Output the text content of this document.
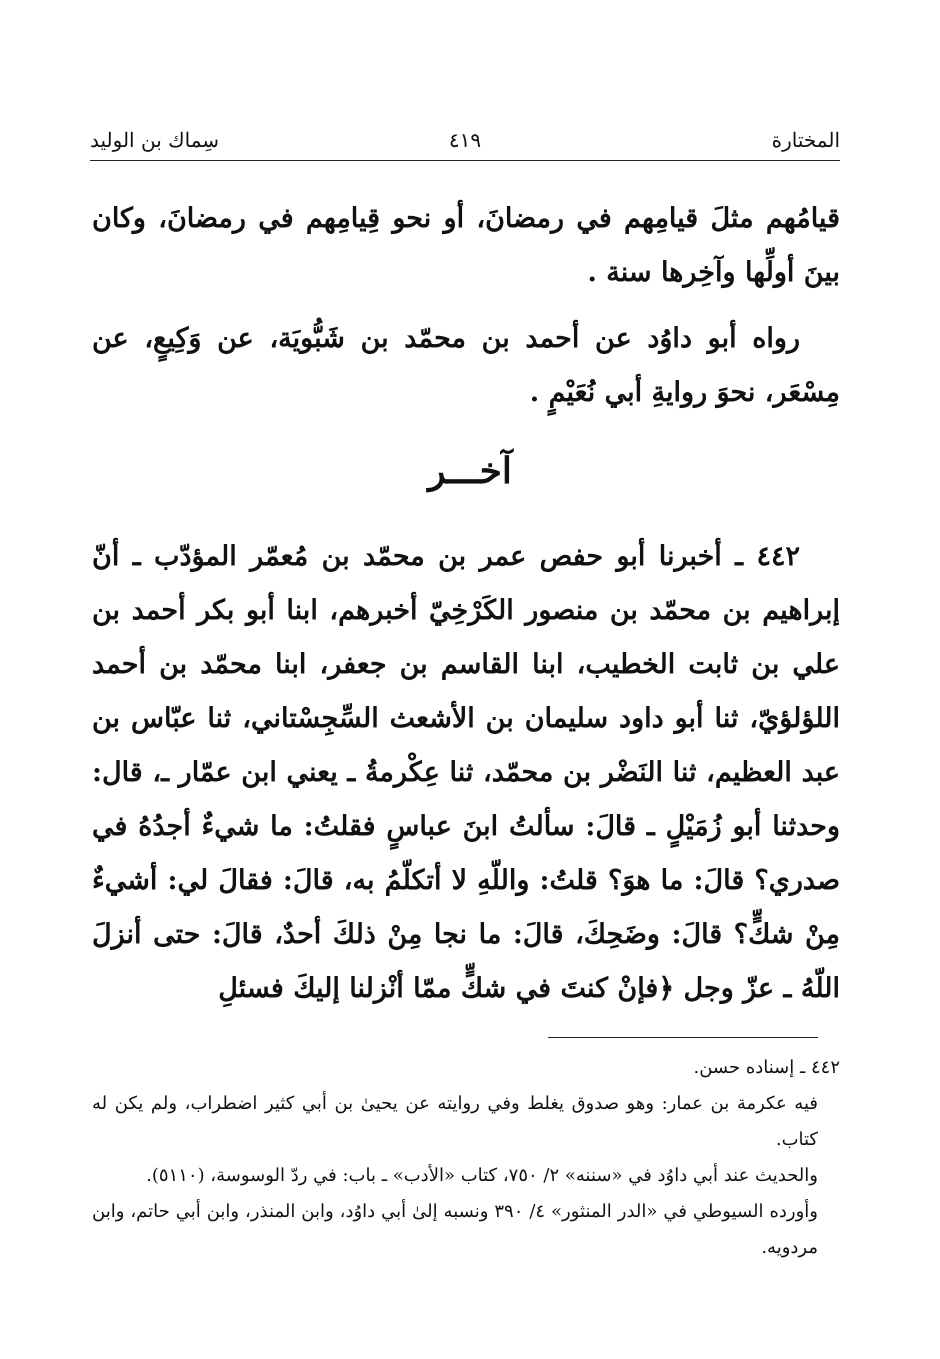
المختارة
٤١٩
سِماك بن الوليد

قيامُهم مثلَ قيامِهم في رمضانَ، أو نحو قِيامِهم في رمضانَ، وكان بينَ أولِّها وآخِرها سنة .

رواه أبو داوُد عن أحمد بن محمّد بن شَبُّويَة، عن وَكِيعٍ، عن مِسْعَر، نحوَ روايةِ أبي نُعَيْمٍ .

آخـــر

٤٤٢ ـ أخبرنا أبو حفص عمر بن محمّد بن مُعمّر المؤدّب ـ أنّ إبراهيم بن محمّد بن منصور الكَرْخِيّ أخبرهم، ابنا أبو بكر أحمد بن علي بن ثابت الخطيب، ابنا القاسم بن جعفر، ابنا محمّد بن أحمد اللؤلؤيّ، ثنا أبو داود سليمان بن الأشعث السِّجِسْتاني، ثنا عبّاس بن عبد العظيم، ثنا النَضْر بن محمّد، ثنا عِكْرمةُ ـ يعني ابن عمّار ـ، قال: وحدثنا أبو زُمَيْلٍ ـ قالَ: سألتُ ابنَ عباسٍ فقلتُ: ما شيءٌ أجدُهُ في صدري؟ قالَ: ما هوَ؟ قلتُ: واللّهِ لا أتكلّمُ به، قالَ: فقالَ لي: أشيءٌ مِنْ شكٍّ؟ قالَ: وضَحِكَ، قالَ: ما نجا مِنْ ذلكَ أحدٌ، قالَ: حتى أنزلَ اللّهُ ـ عزّ وجل ﴿فإنْ كنتَ في شكٍّ ممّا أنْزلنا إليكَ فسئلِ

٤٤٢ ـ إسناده حسن.

فيه عكرمة بن عمار: وهو صدوق يغلط وفي روايته عن يحيىٰ بن أبي كثير اضطراب، ولم يكن له كتاب.

والحديث عند أبي داوُد في «سننه» ٢/ ٧٥٠، كتاب «الأدب» ـ باب: في ردّ الوسوسة، (٥١١٠).

وأورده السيوطي في «الدر المنثور» ٤/ ٣٩٠ ونسبه إلىٰ أبي داوُد، وابن المنذر، وابن أبي حاتم، وابن مردويه.
